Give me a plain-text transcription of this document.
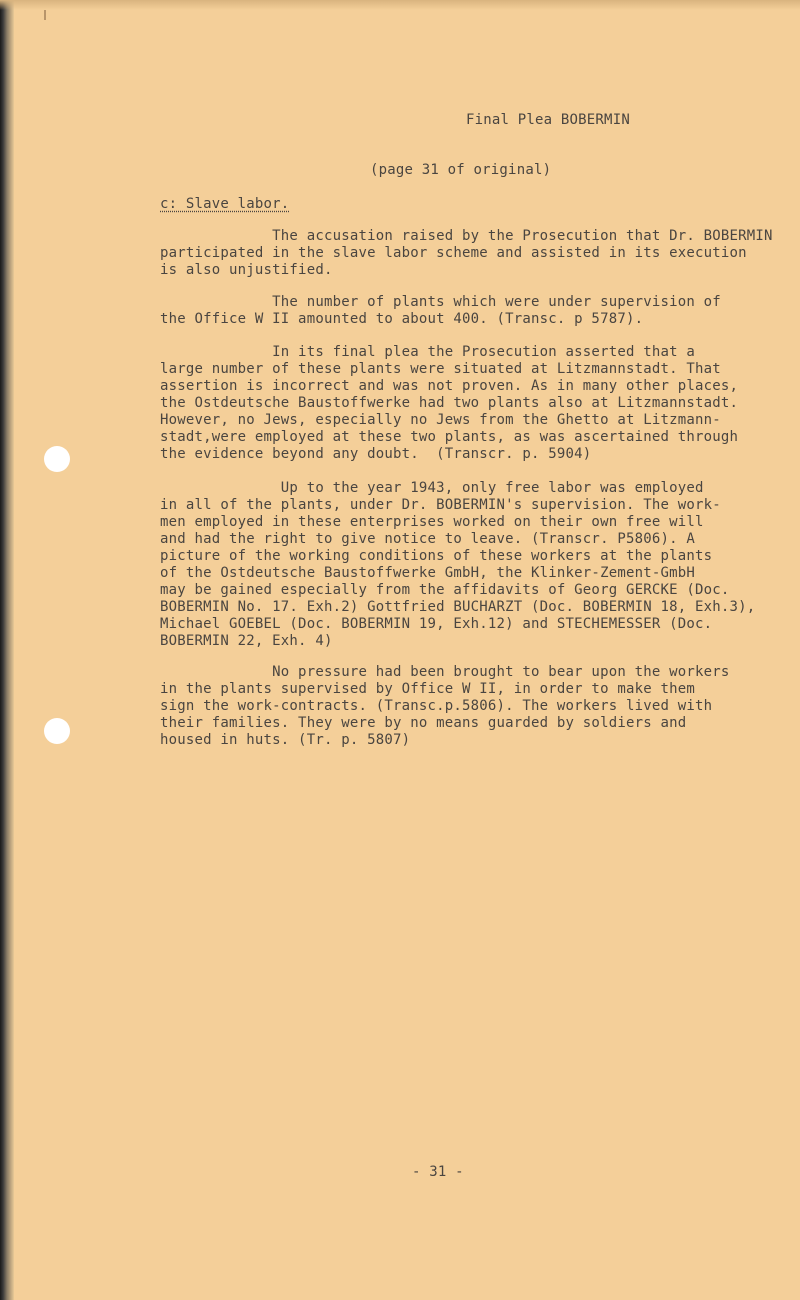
Final Plea BOBERMIN
(page 31 of original)
c: Slave labor.
The accusation raised by the Prosecution that Dr. BOBERMIN
participated in the slave labor scheme and assisted in its execution
is also unjustified.
The number of plants which were under supervision of
the Office W II amounted to about 400. (Transc. p 5787).
In its final plea the Prosecution asserted that a
large number of these plants were situated at Litzmannstadt. That
assertion is incorrect and was not proven. As in many other places,
the Ostdeutsche Baustoffwerke had two plants also at Litzmannstadt.
However, no Jews, especially no Jews from the Ghetto at Litzmann-
stadt,were employed at these two plants, as was ascertained through
the evidence beyond any doubt.  (Transcr. p. 5904)
Up to the year 1943, only free labor was employed
in all of the plants, under Dr. BOBERMIN's supervision. The work-
men employed in these enterprises worked on their own free will
and had the right to give notice to leave. (Transcr. P5806). A
picture of the working conditions of these workers at the plants
of the Ostdeutsche Baustoffwerke GmbH, the Klinker-Zement-GmbH
may be gained especially from the affidavits of Georg GERCKE (Doc.
BOBERMIN No. 17. Exh.2) Gottfried BUCHARZT (Doc. BOBERMIN 18, Exh.3),
Michael GOEBEL (Doc. BOBERMIN 19, Exh.12) and STECHEMESSER (Doc.
BOBERMIN 22, Exh. 4)
No pressure had been brought to bear upon the workers
in the plants supervised by Office W II, in order to make them
sign the work-contracts. (Transc.p.5806). The workers lived with
their families. They were by no means guarded by soldiers and
housed in huts. (Tr. p. 5807)
- 31 -
